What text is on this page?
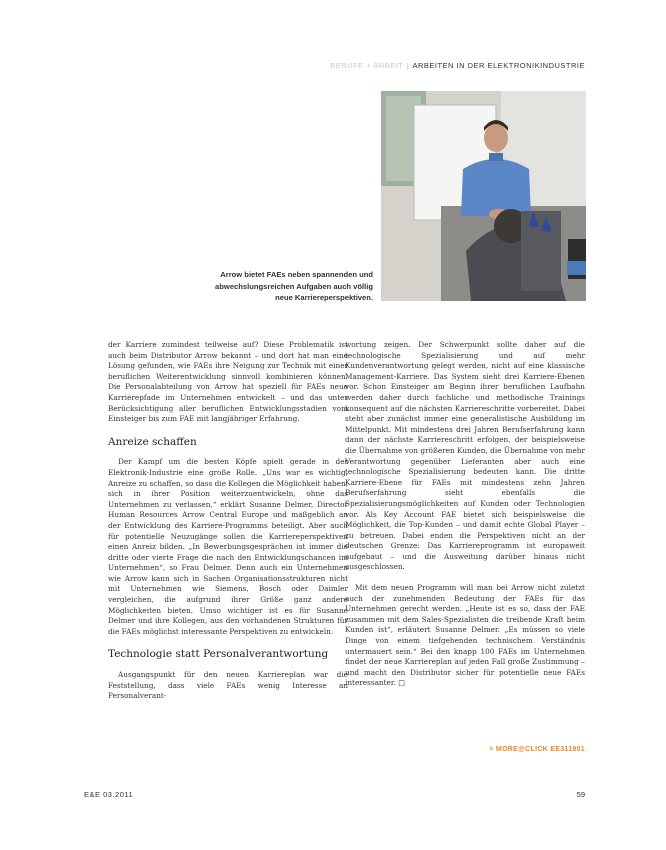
BERUFE + ARBEIT | ARBEITEN IN DER ELEKTRONIKINDUSTRIE
Arrow bietet FAEs neben spannenden und abwechslungsreichen Aufgaben auch völlig neue Karriereperspektiven.

der Karriere zumindest teilweise auf? Diese Problematik ist auch beim Distributor Arrow bekannt – und dort hat man eine Lösung gefunden, wie FAEs ihre Neigung zur Technik mit einer beruflichen Weiterentwicklung sinnvoll kombinieren können. Die Personalabteilung von Arrow hat speziell für FAEs neue Karrierepfade im Unternehmen entwickelt – und das unter Berücksichtigung aller beruflichen Entwicklungsstadien vom Einsteiger bis zum FAE mit langjähriger Erfahrung.

Anreize schaffen

Der Kampf um die besten Köpfe spielt gerade in der Elektronik-Industrie eine große Rolle. „Uns war es wichtig, Anreize zu schaffen, so dass die Kollegen die Möglichkeit haben, sich in ihrer Position weiterzuentwickeln, ohne das Unternehmen zu verlassen,“ erklärt Susanne Delmer, Director Human Resources Arrow Central Europe und maßgeblich an der Entwicklung des Karriere-Programms beteiligt. Aber auch für potentielle Neuzugänge sollen die Karriereperspektiven einen Anreiz bilden. „In Bewerbungsgesprächen ist immer die dritte oder vierte Frage die nach den Entwicklungschancen im Unternehmen“, so Frau Delmer. Denn auch ein Unternehmen wie Arrow kann sich in Sachen Organisationsstrukturen nicht mit Unternehmen wie Siemens, Bosch oder Daimler vergleichen, die aufgrund ihrer Größe ganz andere Möglichkeiten bieten. Umso wichtiger ist es für Susanne Delmer und ihre Kollegen, aus den vorhandenen Strukturen für die FAEs möglichst interessante Perspektiven zu entwickeln.

Technologie statt Personalverantwortung

Ausgangspunkt für den neuen Karriereplan war die Feststellung, dass viele FAEs wenig Interesse an Personalverant-

wortung zeigen. Der Schwerpunkt sollte daher auf die technologische Spezialisierung und auf mehr Kundenverantwortung gelegt werden, nicht auf eine klassische Management-Karriere. Das System sieht drei Karriere-Ebenen vor. Schon Einsteiger am Beginn ihrer beruflichen Laufbahn werden daher durch fachliche und methodische Trainings konsequent auf die nächsten Karriereschritte vorbereitet. Dabei steht aber zunächst immer eine generalistische Ausbildung im Mittelpunkt. Mit mindestens drei Jahren Berufserfahrung kann dann der nächste Karriereschritt erfolgen, der beispielsweise die Übernahme von größeren Kunden, die Übernahme von mehr Verantwortung gegenüber Lieferanten aber auch eine technologische Spezialisierung bedeuten kann. Die dritte Karriere-Ebene für FAEs mit mindestens zehn Jahren Berufserfahrung sieht ebenfalls die Spezialisierungsmöglichkeiten auf Kunden oder Technologien vor. Als Key Account FAE bietet sich beispielsweise die Möglichkeit, die Top-Kunden – und damit echte Global Player – zu betreuen. Dabei enden die Perspektiven nicht an der deutschen Grenze: Das Karriereprogramm ist europaweit aufgebaut – und die Ausweitung darüber hinaus nicht ausgeschlossen.

Mit dem neuen Programm will man bei Arrow nicht zuletzt auch der zunehmenden Bedeutung der FAEs für das Unternehmen gerecht werden. „Heute ist es so, dass der FAE zusammen mit dem Sales-Spezialisten die treibende Kraft beim Kunden ist“, erläutert Susanne Delmer. „Es müssen so viele Dinge von einem tiefgehenden technischem Verständnis untermauert sein.“ Bei den knapp 100 FAEs im Unternehmen findet der neue Karriereplan auf jeden Fall große Zustimmung – und macht den Distributor sicher für potentielle neue FAEs interessanter. □

> MORE@CLICK EE311901
E&E 03.2011	59
